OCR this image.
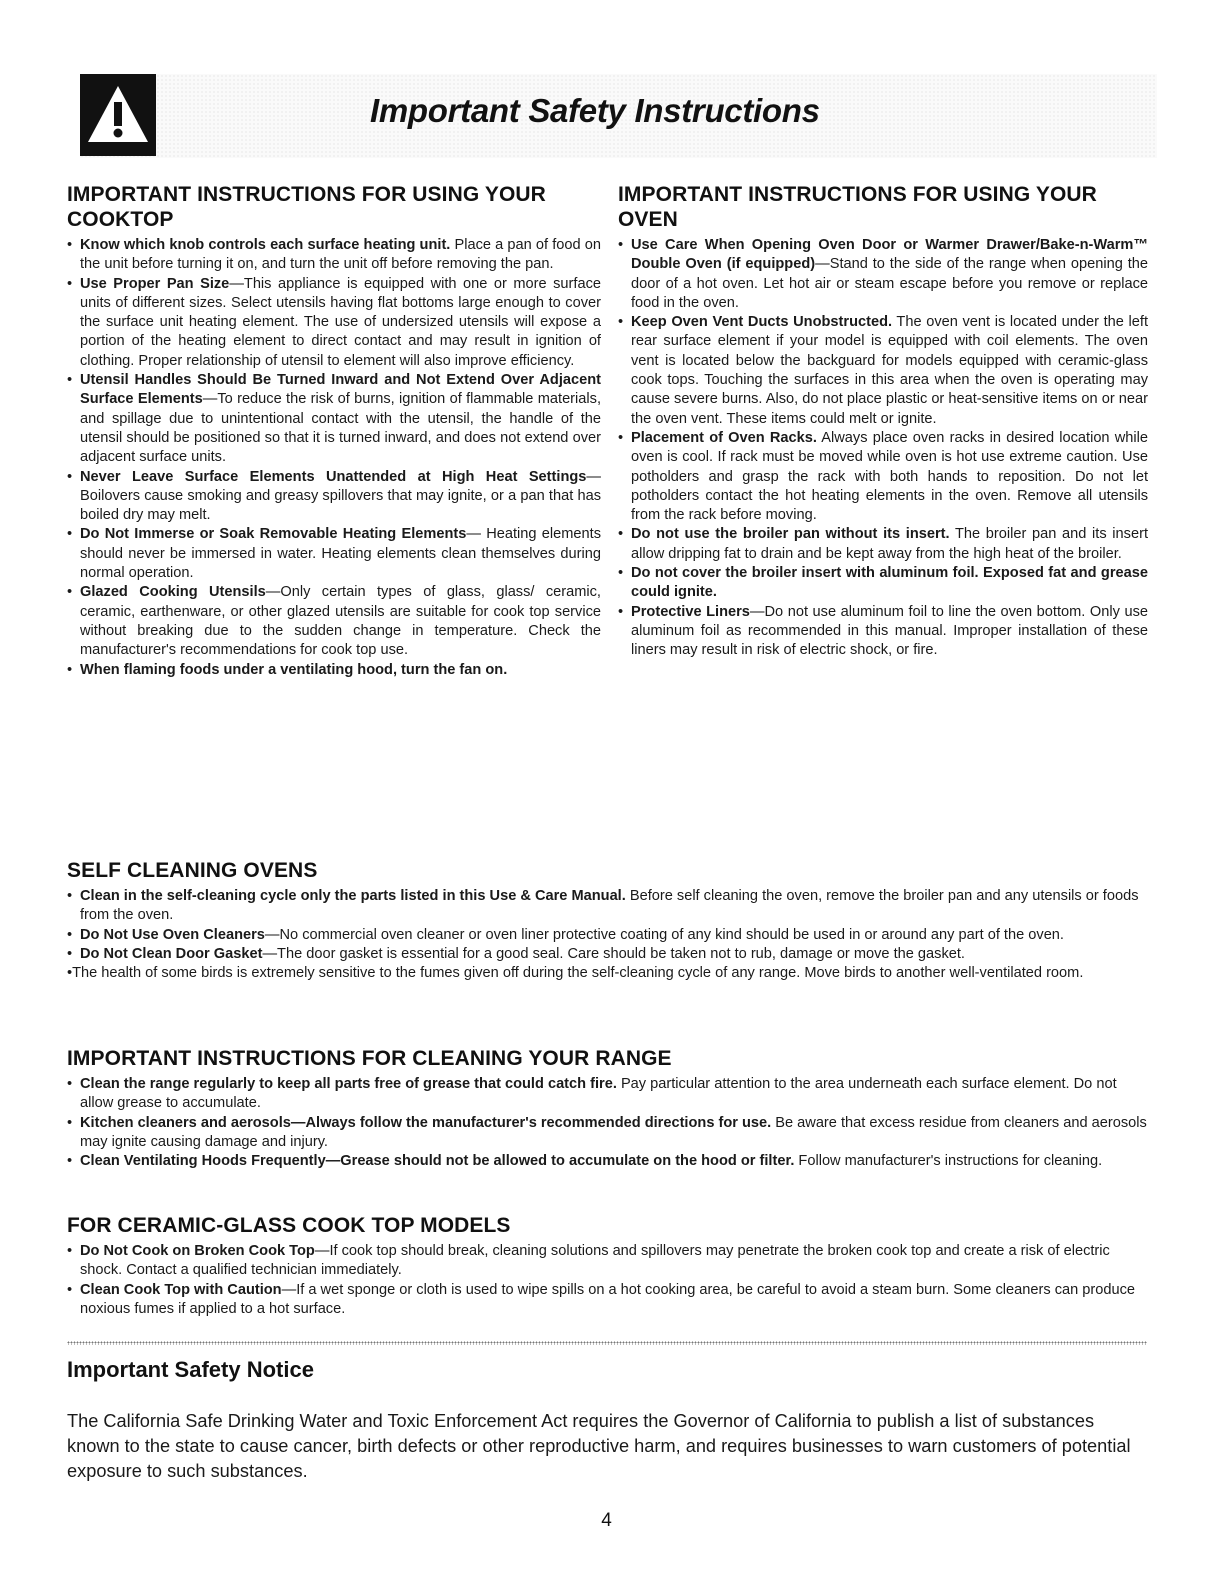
Important Safety Instructions
IMPORTANT INSTRUCTIONS FOR USING YOUR COOKTOP
• Know which knob controls each surface heating unit. Place a pan of food on the unit before turning it on, and turn the unit off before removing the pan.
• Use Proper Pan Size—This appliance is equipped with one or more surface units of different sizes. Select utensils having flat bottoms large enough to cover the surface unit heating element. The use of undersized utensils will expose a portion of the heating element to direct contact and may result in ignition of clothing. Proper relationship of utensil to element will also improve efficiency.
• Utensil Handles Should Be Turned Inward and Not Extend Over Adjacent Surface Elements—To reduce the risk of burns, ignition of flammable materials, and spillage due to unintentional contact with the utensil, the handle of the utensil should be positioned so that it is turned inward, and does not extend over adjacent surface units.
• Never Leave Surface Elements Unattended at High Heat Settings—Boilovers cause smoking and greasy spillovers that may ignite, or a pan that has boiled dry may melt.
• Do Not Immerse or Soak Removable Heating Elements— Heating elements should never be immersed in water. Heating elements clean themselves during normal operation.
• Glazed Cooking Utensils—Only certain types of glass, glass/ ceramic, ceramic, earthenware, or other glazed utensils are suitable for cook top service without breaking due to the sudden change in temperature. Check the manufacturer's recommendations for cook top use.
• When flaming foods under a ventilating hood, turn the fan on.
IMPORTANT INSTRUCTIONS FOR USING YOUR OVEN
• Use Care When Opening Oven Door or Warmer Drawer/Bake-n-Warm™ Double Oven (if equipped)—Stand to the side of the range when opening the door of a hot oven. Let hot air or steam escape before you remove or replace food in the oven.
• Keep Oven Vent Ducts Unobstructed. The oven vent is located under the left rear surface element if your model is equipped with coil elements. The oven vent is located below the backguard for models equipped with ceramic-glass cook tops. Touching the surfaces in this area when the oven is operating may cause severe burns. Also, do not place plastic or heat-sensitive items on or near the oven vent. These items could melt or ignite.
• Placement of Oven Racks. Always place oven racks in desired location while oven is cool. If rack must be moved while oven is hot use extreme caution. Use potholders and grasp the rack with both hands to reposition. Do not let potholders contact the hot heating elements in the oven. Remove all utensils from the rack before moving.
• Do not use the broiler pan without its insert. The broiler pan and its insert allow dripping fat to drain and be kept away from the high heat of the broiler.
• Do not cover the broiler insert with aluminum foil. Exposed fat and grease could ignite.
• Protective Liners—Do not use aluminum foil to line the oven bottom. Only use aluminum foil as recommended in this manual. Improper installation of these liners may result in risk of electric shock, or fire.
SELF CLEANING OVENS
• Clean in the self-cleaning cycle only the parts listed in this Use & Care Manual. Before self cleaning the oven, remove the broiler pan and any utensils or foods from the oven.
• Do Not Use Oven Cleaners—No commercial oven cleaner or oven liner protective coating of any kind should be used in or around any part of the oven.
• Do Not Clean Door Gasket—The door gasket is essential for a good seal. Care should be taken not to rub, damage or move the gasket.
•The health of some birds is extremely sensitive to the fumes given off during the self-cleaning cycle of any range. Move birds to another well-ventilated room.
IMPORTANT INSTRUCTIONS FOR CLEANING YOUR RANGE
• Clean the range regularly to keep all parts free of grease that could catch fire. Pay particular attention to the area underneath each surface element. Do not allow grease to accumulate.
• Kitchen cleaners and aerosols—Always follow the manufacturer's recommended directions for use. Be aware that excess residue from cleaners and aerosols may ignite causing damage and injury.
• Clean Ventilating Hoods Frequently—Grease should not be allowed to accumulate on the hood or filter. Follow manufacturer's instructions for cleaning.
FOR CERAMIC-GLASS COOK TOP MODELS
• Do Not Cook on Broken Cook Top—If cook top should break, cleaning solutions and spillovers may penetrate the broken cook top and create a risk of electric shock. Contact a qualified technician immediately.
• Clean Cook Top with Caution—If a wet sponge or cloth is used to wipe spills on a hot cooking area, be careful to avoid a steam burn. Some cleaners can produce noxious fumes if applied to a hot surface.
Important Safety Notice
The California Safe Drinking Water and Toxic Enforcement Act requires the Governor of California to publish a list of substances known to the state to cause cancer, birth defects or other reproductive harm, and requires businesses to warn customers of potential exposure to such substances.
4
